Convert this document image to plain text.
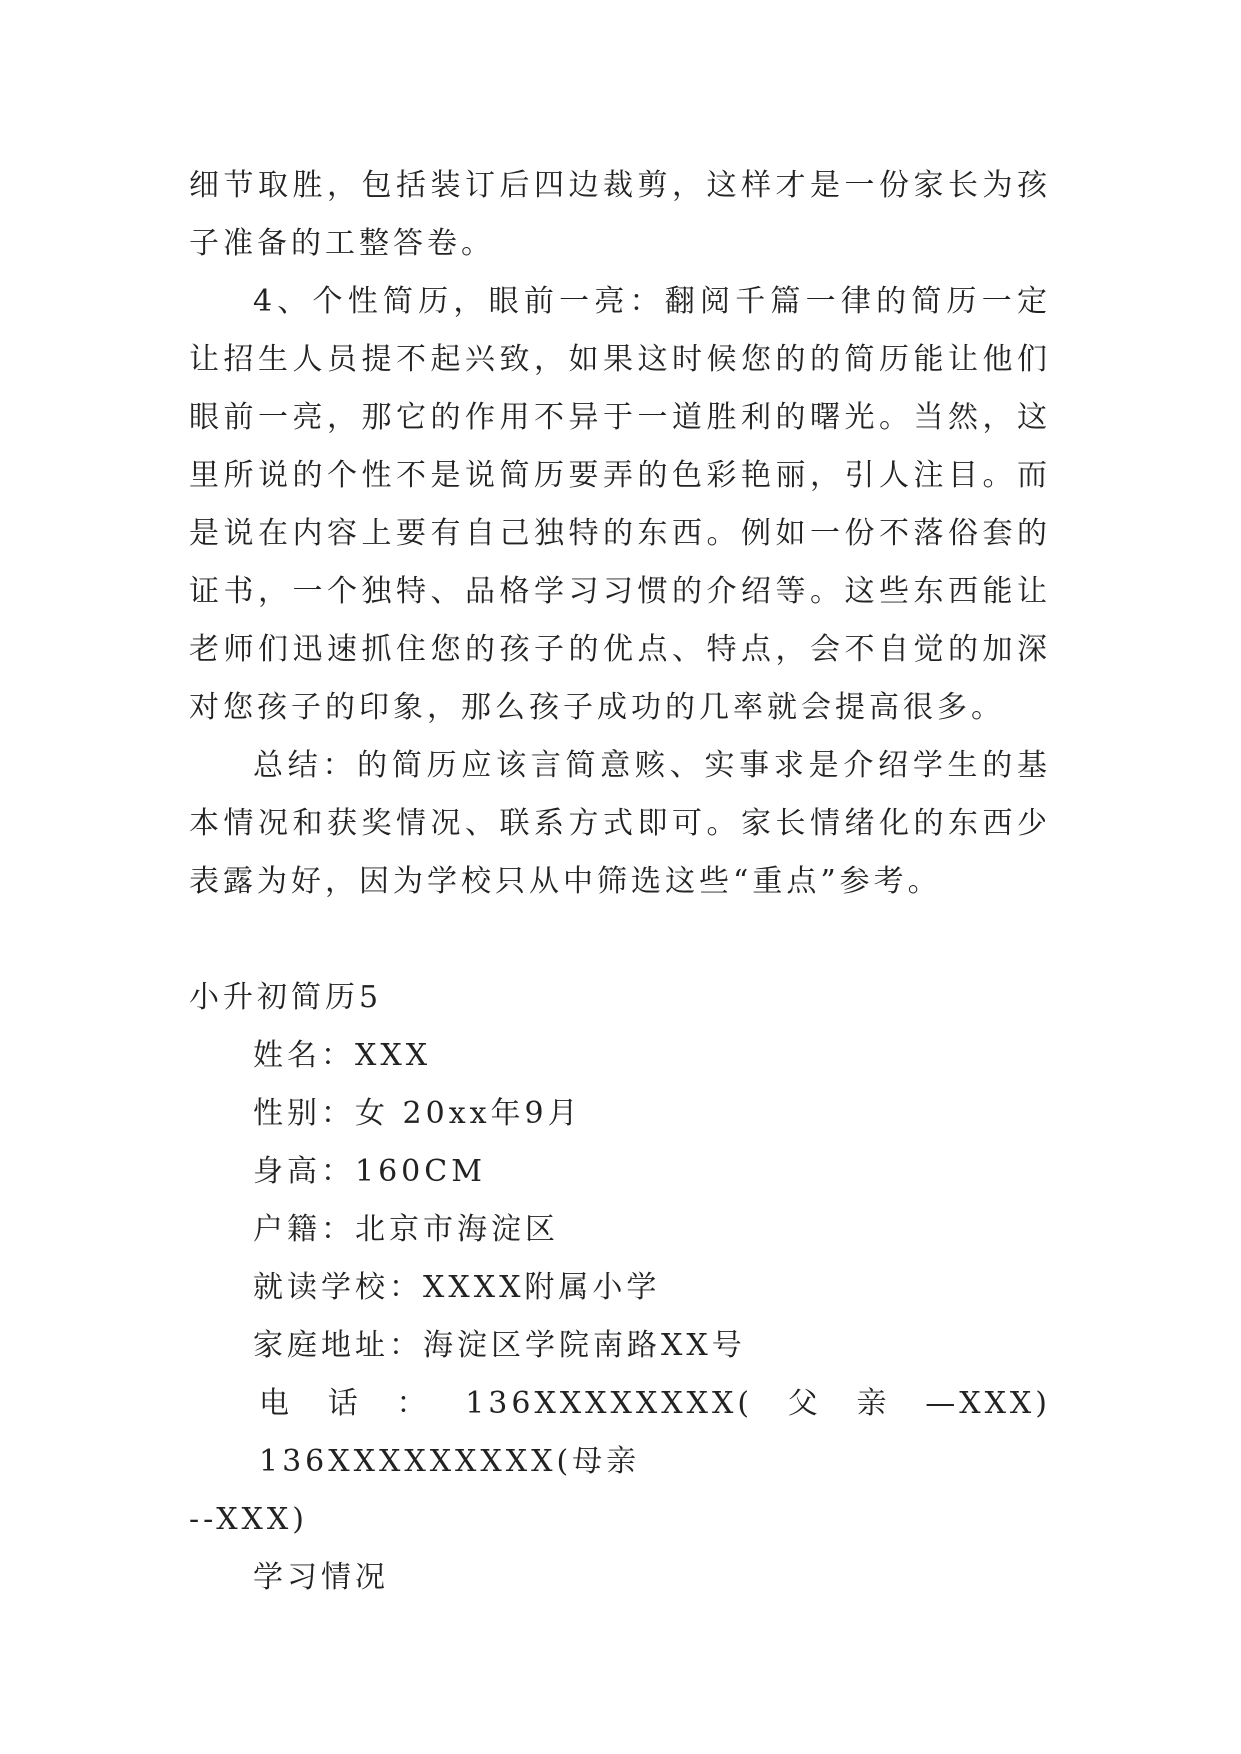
细节取胜，包括装订后四边裁剪，这样才是一份家长为孩子准备的工整答卷。

4、个性简历，眼前一亮：翻阅千篇一律的简历一定让招生人员提不起兴致，如果这时候您的的简历能让他们眼前一亮，那它的作用不异于一道胜利的曙光。当然，这里所说的个性不是说简历要弄的色彩艳丽，引人注目。而是说在内容上要有自己独特的东西。例如一份不落俗套的证书，一个独特、品格学习习惯的介绍等。这些东西能让老师们迅速抓住您的孩子的优点、特点，会不自觉的加深对您孩子的印象，那么孩子成功的几率就会提高很多。

总结：的简历应该言简意赅、实事求是介绍学生的基本情况和获奖情况、联系方式即可。家长情绪化的东西少表露为好，因为学校只从中筛选这些“重点”参考。

小升初简历5

姓名：XXX

性别：女 20xx年9月

身高：160CM

户籍：北京市海淀区

就读学校：XXXX附属小学

家庭地址：海淀区学院南路XX号

电话：136XXXXXXXX(父亲—XXX) 136XXXXXXXXX(母亲

--XXX)

学习情况
